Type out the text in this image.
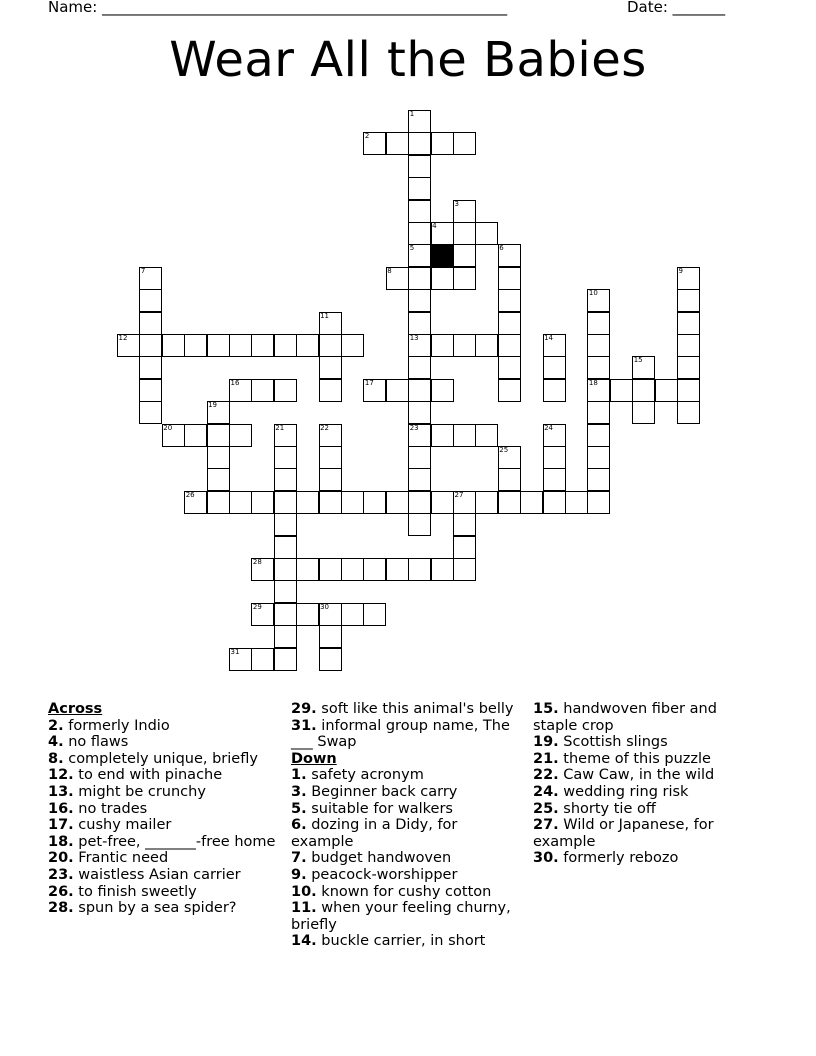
Name: ______________________________________________________	Date: _______
Wear All the Babies
1
2
3
4
5	6
7	8	9
10
11
12	13	14
15
16	17	18
19
20	21	22	23	24
25
26	27
28
29	30
31
Across
2. formerly Indio
4. no flaws
8. completely unique, briefly
12. to end with pinache
13. might be crunchy
16. no trades
17. cushy mailer
18. pet-free, _______-free home
20. Frantic need
23. waistless Asian carrier
26. to finish sweetly
28. spun by a sea spider?
29. soft like this animal's belly
31. informal group name, The ___ Swap
Down
1. safety acronym
3. Beginner back carry
5. suitable for walkers
6. dozing in a Didy, for example
7. budget handwoven
9. peacock-worshipper
10. known for cushy cotton
11. when your feeling churny, briefly
14. buckle carrier, in short
15. handwoven fiber and staple crop
19. Scottish slings
21. theme of this puzzle
22. Caw Caw, in the wild
24. wedding ring risk
25. shorty tie off
27. Wild or Japanese, for example
30. formerly rebozo
